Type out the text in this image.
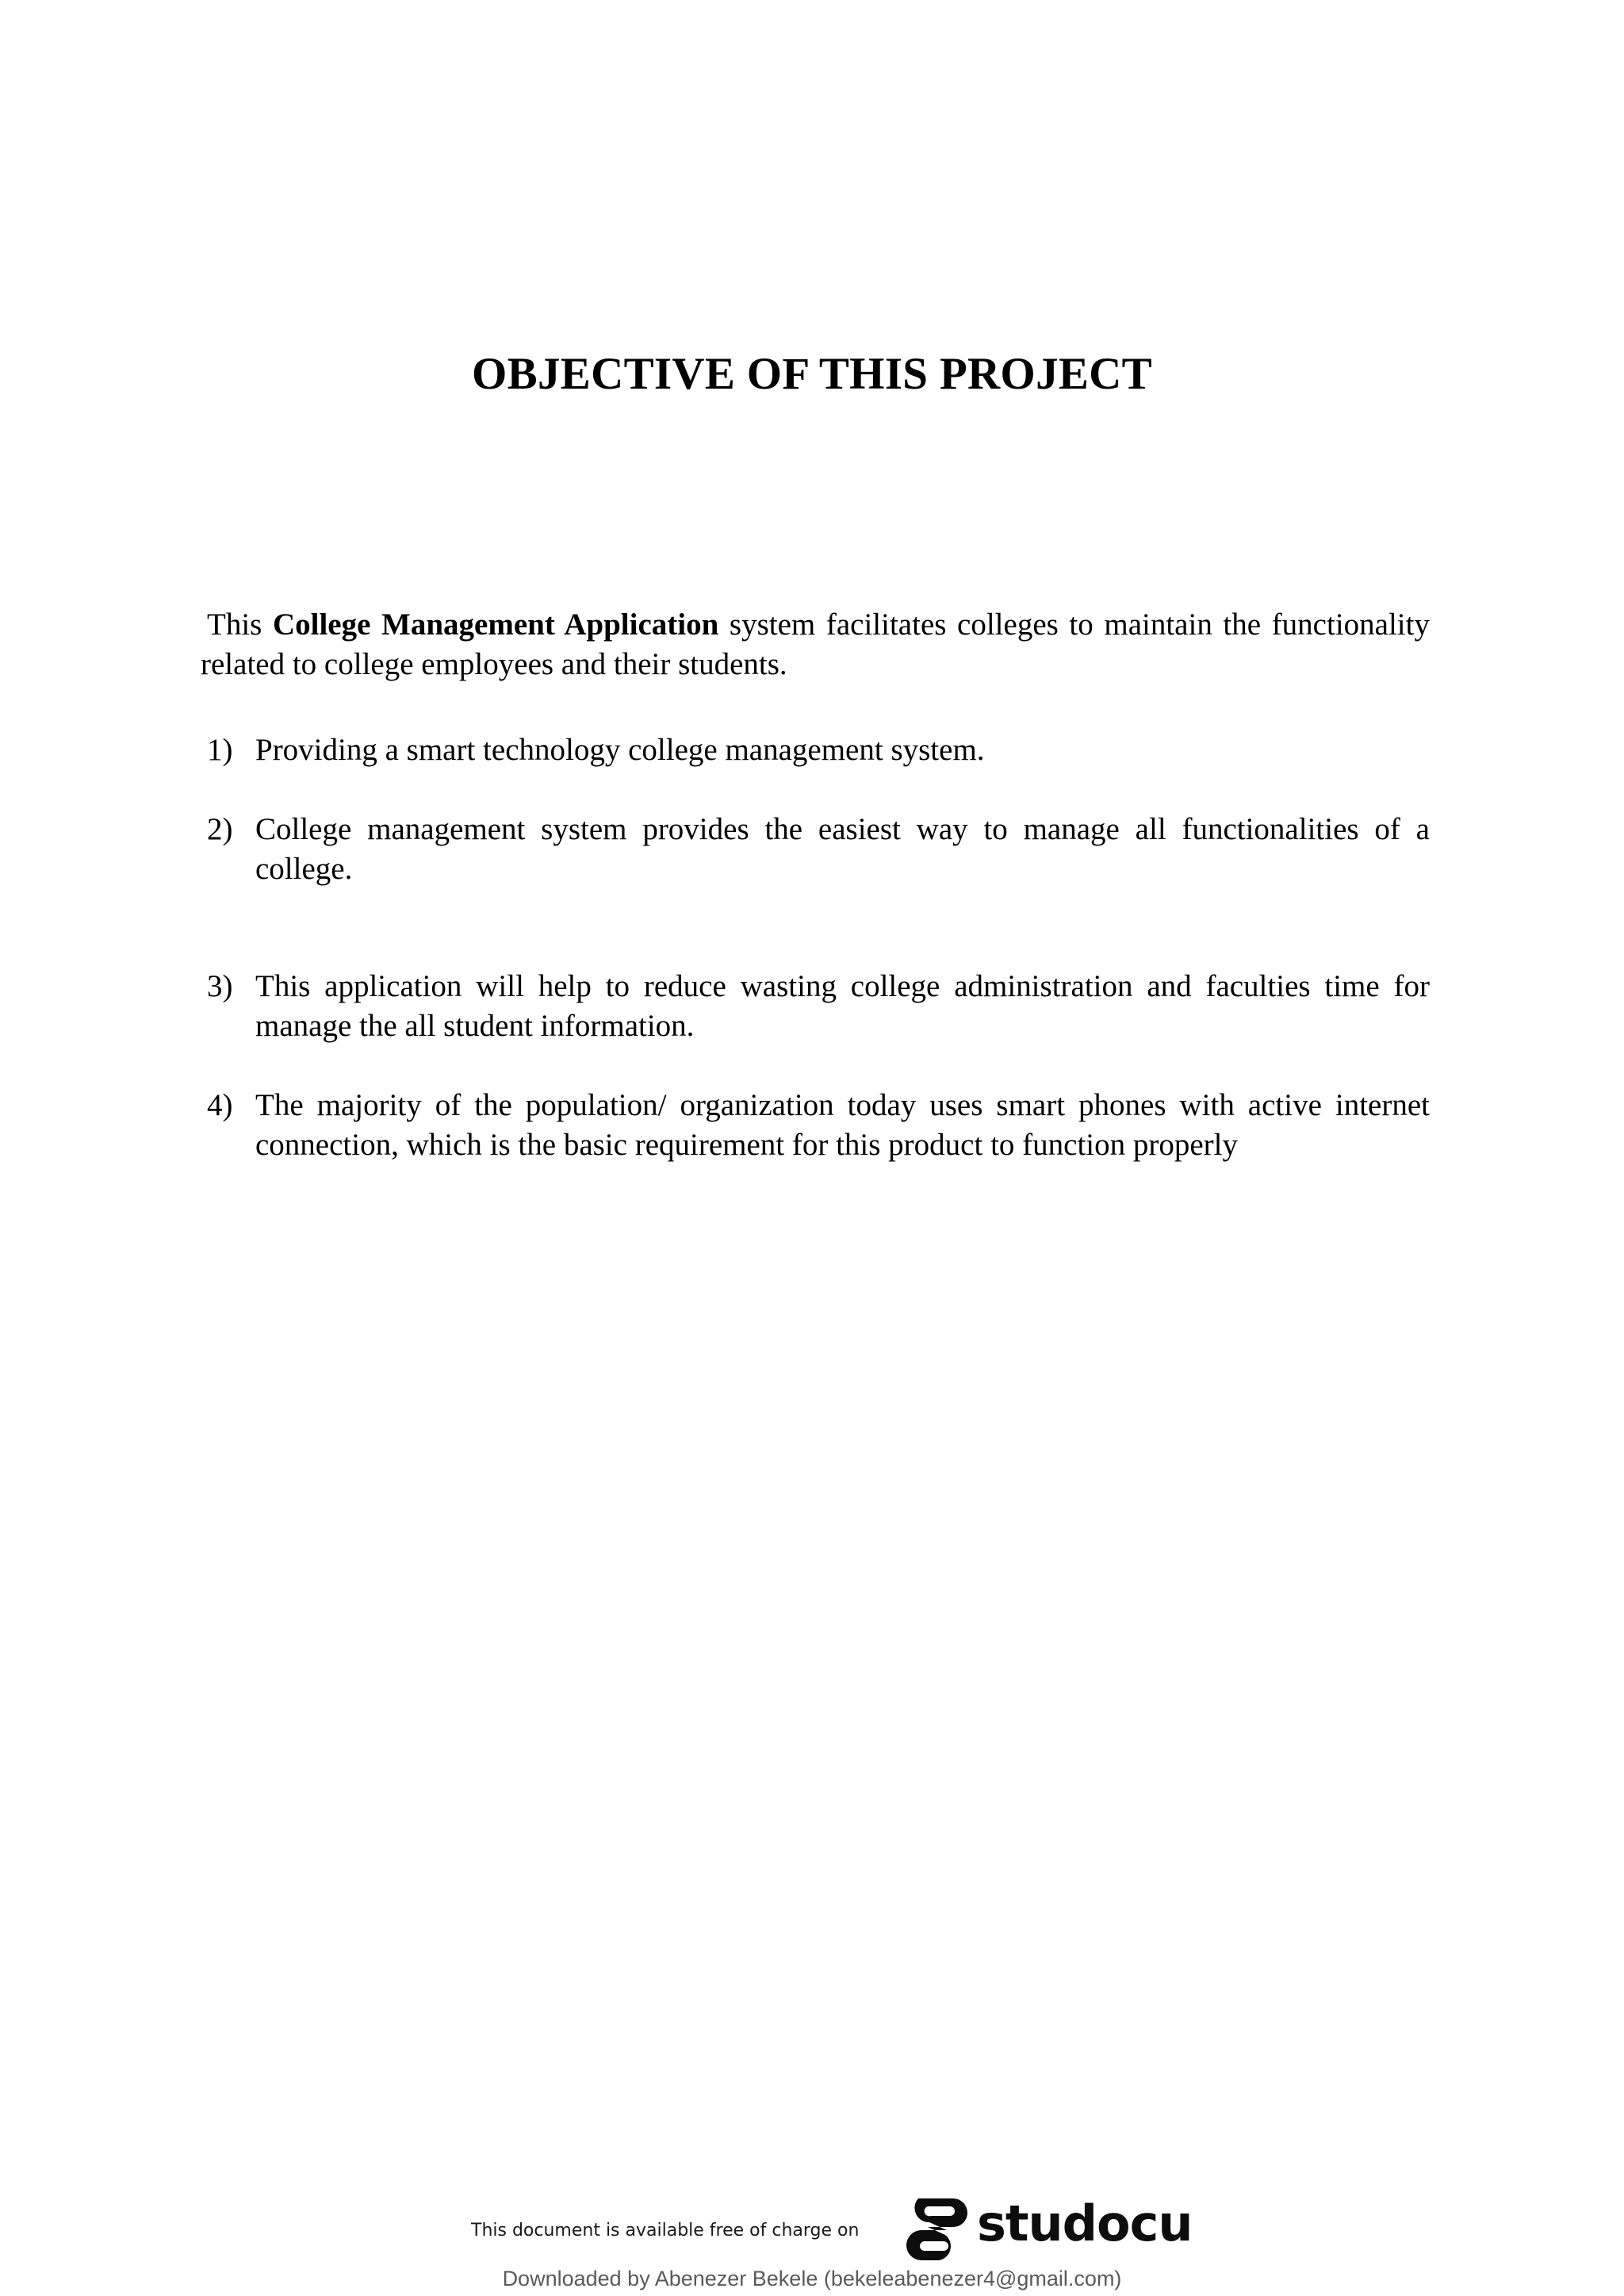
OBJECTIVE OF THIS PROJECT

This College Management Application system facilitates colleges to maintain the functionality related to college employees and their students.

1) Providing a smart technology college management system.
2) College management system provides the easiest way to manage all functionalities of a college.
3) This application will help to reduce wasting college administration and faculties time for manage the all student information.
4) The majority of the population/ organization today uses smart phones with active internet connection, which is the basic requirement for this product to function properly
This document is available free of charge on studocu
Downloaded by Abenezer Bekele (bekeleabenezer4@gmail.com)
